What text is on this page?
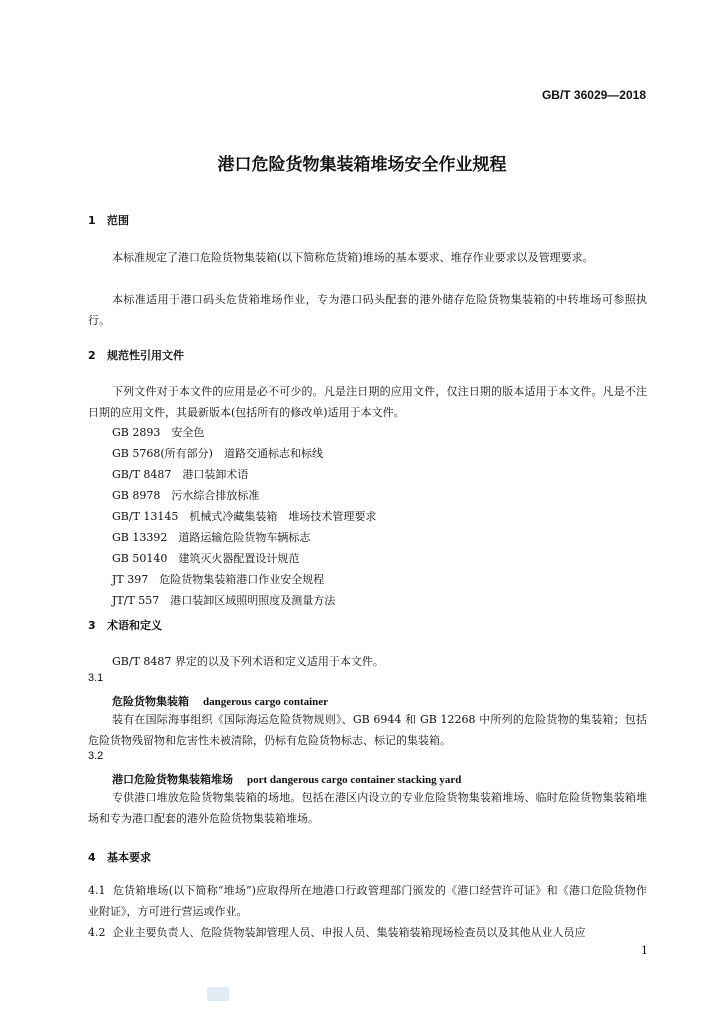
GB/T 36029—2018
港口危险货物集装箱堆场安全作业规程
1 范围
本标准规定了港口危险货物集装箱(以下简称危货箱)堆场的基本要求、堆存作业要求以及管理要求。
本标准适用于港口码头危货箱堆场作业，专为港口码头配套的港外储存危险货物集装箱的中转堆场可参照执行。
2 规范性引用文件
下列文件对于本文件的应用是必不可少的。凡是注日期的应用文件，仅注日期的版本适用于本文件。凡是不注日期的应用文件，其最新版本(包括所有的修改单)适用于本文件。
GB 2893　安全色
GB 5768(所有部分)　道路交通标志和标线
GB/T 8487　港口装卸术语
GB 8978　污水综合排放标准
GB/T 13145　机械式冷藏集装箱　堆场技术管理要求
GB 13392　道路运输危险货物车辆标志
GB 50140　建筑灭火器配置设计规范
JT 397　危险货物集装箱港口作业安全规程
JT/T 557　港口装卸区域照明照度及测量方法
3 术语和定义
GB/T 8487 界定的以及下列术语和定义适用于本文件。
3.1
危险货物集装箱 dangerous cargo container
装有在国际海事组织《国际海运危险货物规则》、GB 6944 和 GB 12268 中所列的危险货物的集装箱；包括危险货物残留物和危害性未被清除，仍标有危险货物标志、标记的集装箱。
3.2
港口危险货物集装箱堆场 port dangerous cargo container stacking yard
专供港口堆放危险货物集装箱的场地。包括在港区内设立的专业危险货物集装箱堆场、临时危险货物集装箱堆场和专为港口配套的港外危险货物集装箱堆场。
4 基本要求
4.1 危货箱堆场(以下简称“堆场”)应取得所在地港口行政管理部门颁发的《港口经营许可证》和《港口危险货物作业附证》，方可进行营运或作业。
4.2 企业主要负责人、危险货物装卸管理人员、申报人员、集装箱装箱现场检查员以及其他从业人员应
1
